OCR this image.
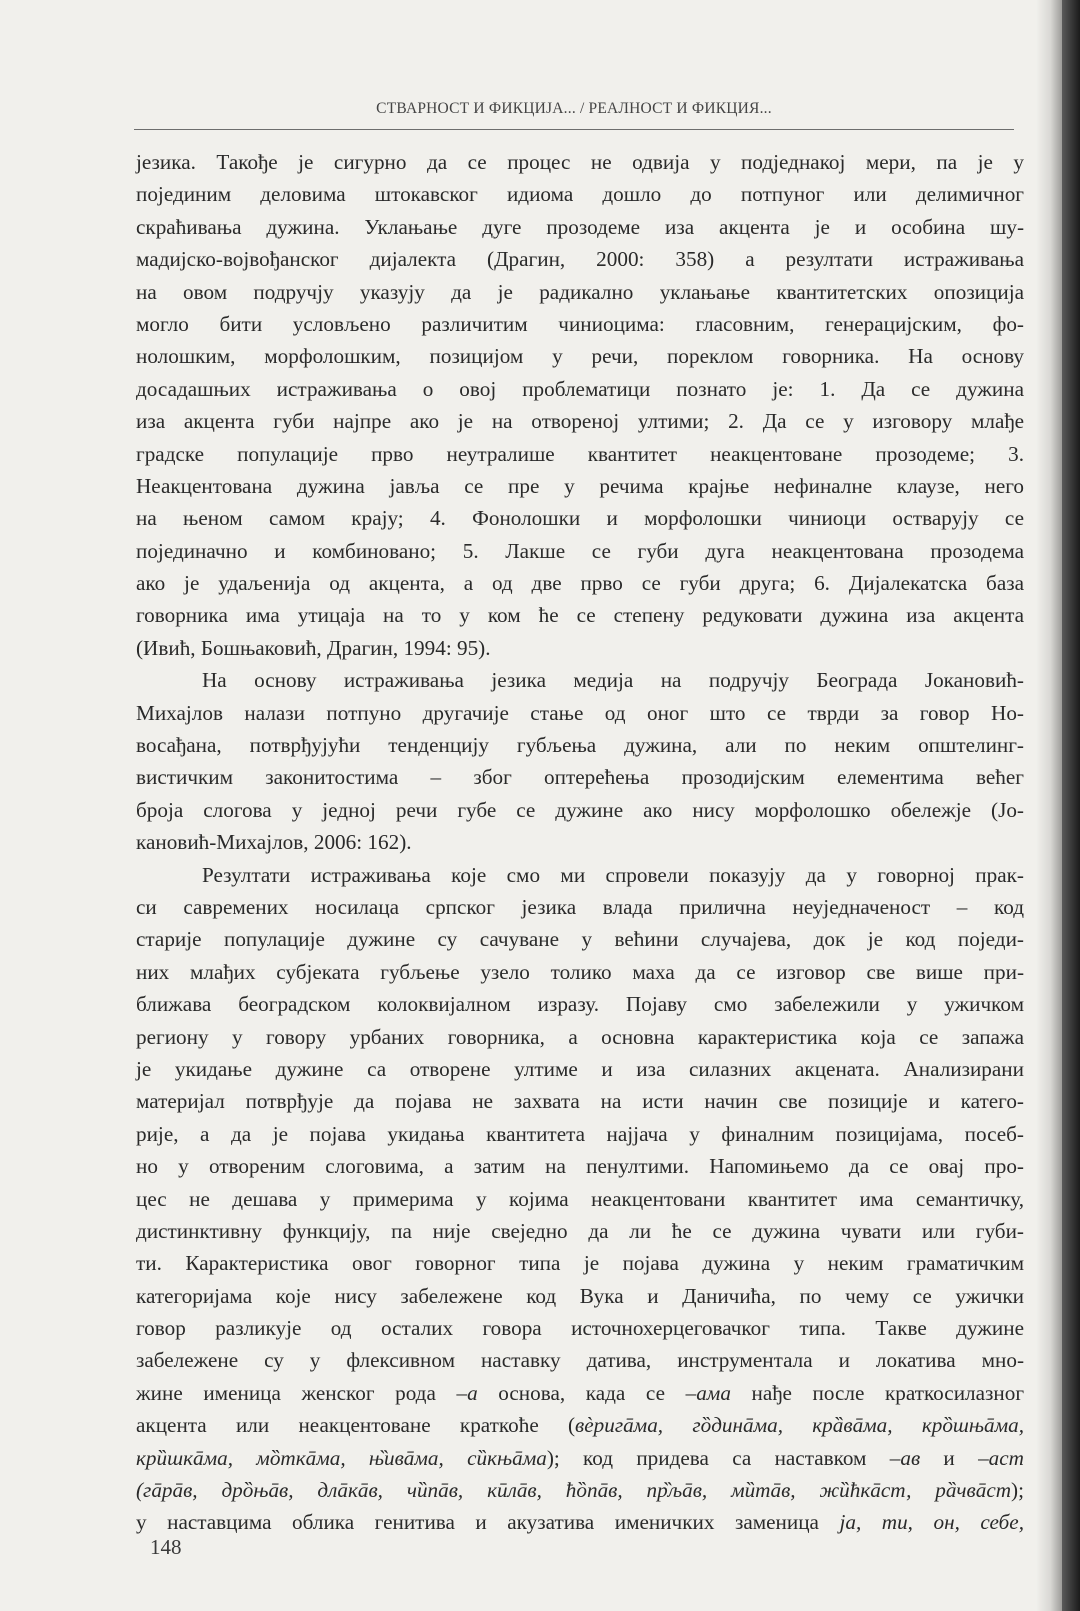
СТВАРНОСТ И ФИКЦИЈА... / РЕАЛНОСТ И ФИКЦИЯ...
језика. Такође је сигурно да се процес не одвија у подједнакој мери, па је у
појединим деловима штокавског идиома дошло до потпуног или делимичног
скраћивања дужина. Уклањање дуге прозодеме иза акцента је и особина шу-
мадијско-војвођанског дијалекта (Драгин, 2000: 358) а резултати истраживања
на овом подручју указују да је радикално уклањање квантитетских опозиција
могло бити условљено различитим чиниоцима: гласовним, генерацијским, фо-
нолошким, морфолошким, позицијом у речи, пореклом говорника. На основу
досадашњих истраживања о овој проблематици познато је: 1. Да се дужина
иза акцента губи најпре ако је на отвореној ултими; 2. Да се у изговору млађе
градске популације прво неутралише квантитет неакцентоване прозодеме; 3.
Неакцентована дужина јавља се пре у речима крајње нефиналне клаузе, него
на њеном самом крају; 4. Фонолошки и морфолошки чиниоци остварују се
појединачно и комбиновано; 5. Лакше се губи дуга неакцентована прозодема
ако је удаљенија од акцента, а од две прво се губи друга; 6. Дијалекатска база
говорника има утицаја на то у ком ће се степену редуковати дужина иза акцента
(Ивић, Бошњаковић, Драгин, 1994: 95).
На основу истраживања језика медија на подручју Београда Јокановић-
Михајлов налази потпуно другачије стање од оног што се тврди за говор Но-
восађана, потврђујући тенденцију губљења дужина, али по неким општелинг-
вистичким законитостима – због оптерећења прозодијским елементима већег
броја слогова у једној речи губе се дужине ако нису морфолошко обележје (Јо-
кановић-Михајлов, 2006: 162).
Резултати истраживања које смо ми спровели показују да у говорној прак-
си савремених носилаца српског језика влада прилична неуједначеност – код
старије популације дужине су сачуване у већини случајева, док је код поједи-
них млађих субјеката губљење узело толико маха да се изговор све више при-
ближава београдском колоквијалном изразу. Појаву смо забележили у ужичком
региону у говору урбаних говорника, а основна карактеристика која се запажа
је укидање дужине са отворене ултиме и иза силазних акцената. Анализирани
материјал потврђује да појава не захвата на исти начин све позиције и катего-
рије, а да је појава укидања квантитета најјача у финалним позицијама, посеб-
но у отвореним слоговима, а затим на пенултими. Напомињемо да се овај про-
цес не дешава у примерима у којима неакцентовани квантитет има семантичку,
дистинктивну функцију, па није свеједно да ли ће се дужина чувати или губи-
ти. Карактеристика овог говорног типа је појава дужина у неким граматичким
категоријама које нису забележене код Вука и Даничића, по чему се ужички
говор разликује од осталих говора источнохерцеговачког типа. Такве дужине
забележене су у флексивном наставку датива, инструментала и локатива мно-
жине именица женског рода –а основа, када се –ама нађе после краткосилазног
акцента или неакцентоване краткоће (вѐригāма, гȍдинāма, крȁвāма, крȍшњāма,
крȕшкāма, мȍткāма, њ̏ивāма, сȕкњāма); код придева са наставком –ав и –аст
(гāрāв, дрȍњāв, длāкāв, чȕпāв, кӣлāв, ћȍпāв, пр̏љāв, мȕтāв, жȕћкāст, рȁчвāст);
у наставцима облика генитива и акузатива именичких заменица ја, ти, он, себе,
148
